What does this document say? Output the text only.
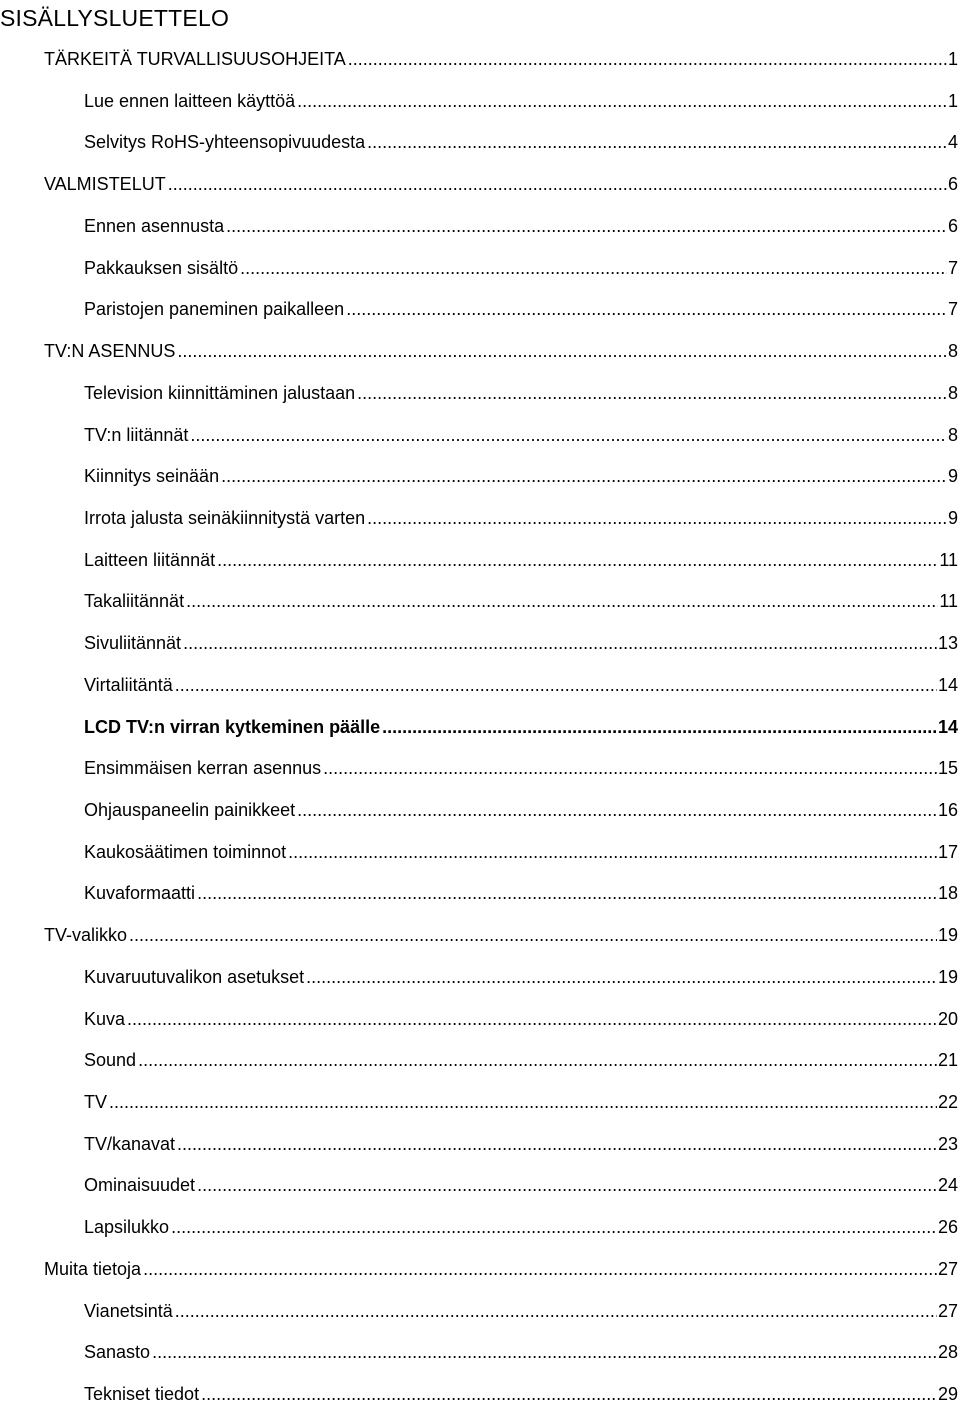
SISÄLLYSLUETTELO
TÄRKEITÄ TURVALLISUUSOHJEITA .....	1
Lue ennen laitteen käyttöä .....	1
Selvitys RoHS-yhteensopivuudesta .....	4
VALMISTELUT .....	6
Ennen asennusta .....	6
Pakkauksen sisältö .....	7
Paristojen paneminen paikalleen .....	7
TV:N ASENNUS .....	8
Television kiinnittäminen jalustaan .....	8
TV:n liitännät .....	8
Kiinnitys seinään .....	9
Irrota jalusta seinäkiinnitystä varten .....	9
Laitteen liitännät .....	11
Takaliitännät .....	11
Sivuliitännät .....	13
Virtaliitäntä .....	14
LCD TV:n virran kytkeminen päälle .....	14
Ensimmäisen kerran asennus .....	15
Ohjauspaneelin painikkeet .....	16
Kaukosäätimen toiminnot .....	17
Kuvaformaatti .....	18
TV-valikko .....	19
Kuvaruutuvalikon asetukset .....	19
Kuva .....	20
Sound .....	21
TV .....	22
TV/kanavat .....	23
Ominaisuudet .....	24
Lapsilukko .....	26
Muita tietoja .....	27
Vianetsintä .....	27
Sanasto .....	28
Tekniset tiedot .....	29
